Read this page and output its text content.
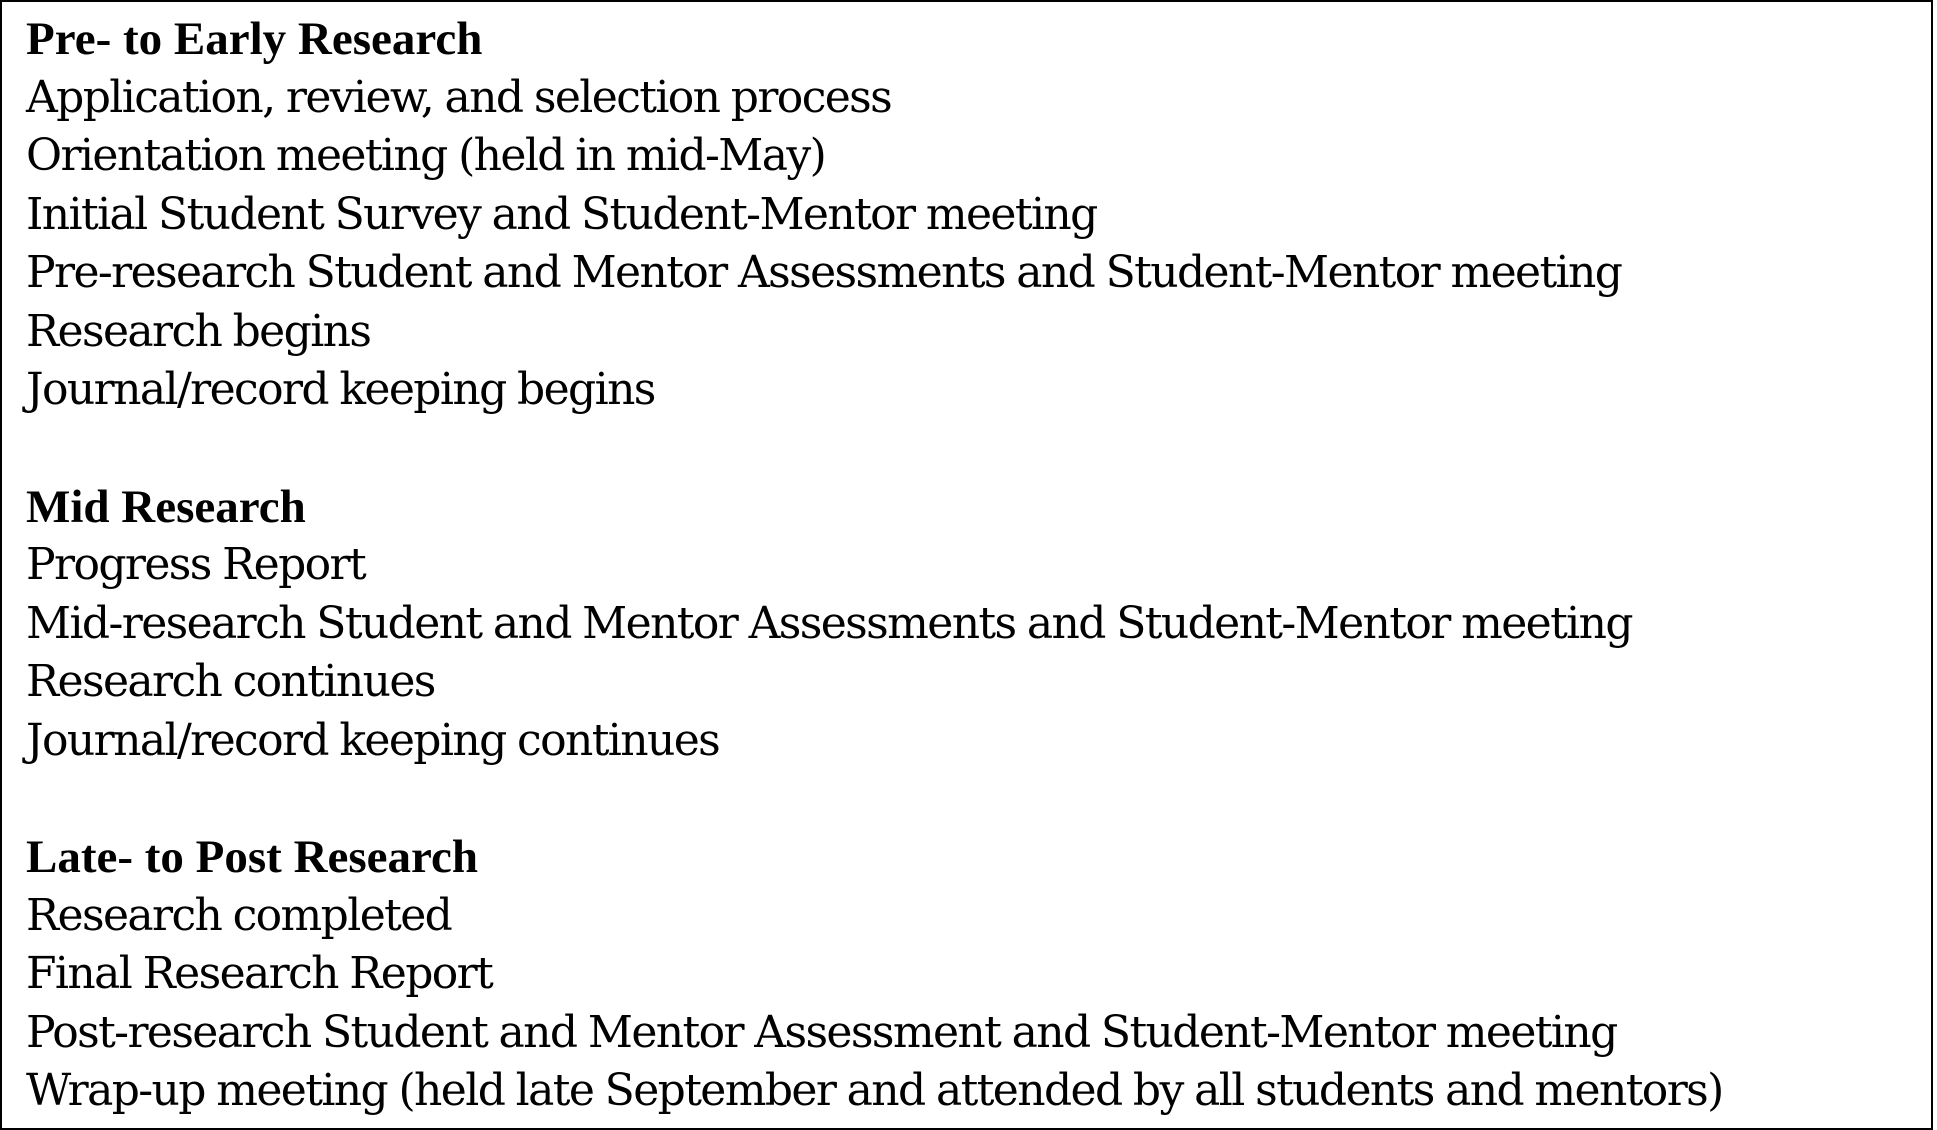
Pre- to Early Research
Application, review, and selection process
Orientation meeting (held in mid-May)
Initial Student Survey and Student-Mentor meeting
Pre-research Student and Mentor Assessments and Student-Mentor meeting
Research begins
Journal/record keeping begins
Mid Research
Progress Report
Mid-research Student and Mentor Assessments and Student-Mentor meeting
Research continues
Journal/record keeping continues
Late- to Post Research
Research completed
Final Research Report
Post-research Student and Mentor Assessment and Student-Mentor meeting
Wrap-up meeting (held late September and attended by all students and mentors)
